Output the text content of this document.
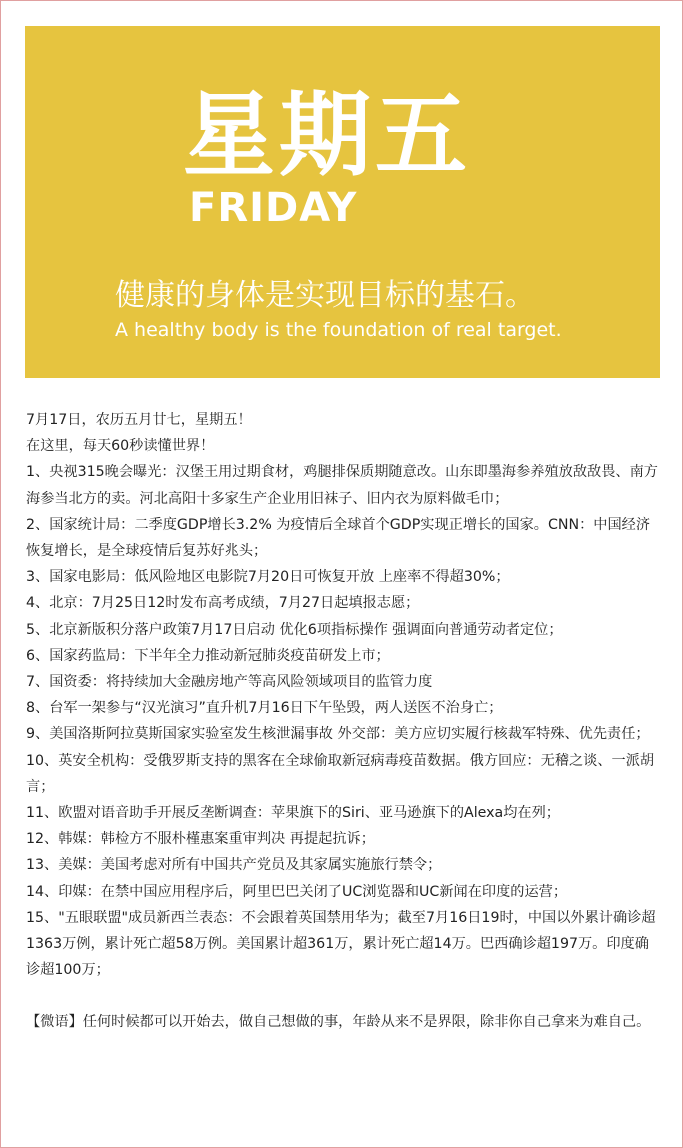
星期五
FRIDAY
健康的身体是实现目标的基石。
A healthy body is the foundation of real target.

7月17日，农历五月廿七，星期五！

在这里，每天60秒读懂世界！

1、央视315晚会曝光：汉堡王用过期食材，鸡腿排保质期随意改。山东即墨海参养殖放敌敌畏、南方海参当北方的卖。河北高阳十多家生产企业用旧袜子、旧内衣为原料做毛巾；

2、国家统计局：二季度GDP增长3.2% 为疫情后全球首个GDP实现正增长的国家。CNN：中国经济恢复增长，是全球疫情后复苏好兆头；

3、国家电影局：低风险地区电影院7月20日可恢复开放 上座率不得超30%；

4、北京：7月25日12时发布高考成绩，7月27日起填报志愿；

5、北京新版积分落户政策7月17日启动 优化6项指标操作 强调面向普通劳动者定位；

6、国家药监局：下半年全力推动新冠肺炎疫苗研发上市；

7、国资委：将持续加大金融房地产等高风险领域项目的监管力度

8、台军一架参与“汉光演习”直升机7月16日下午坠毁，两人送医不治身亡；

9、美国洛斯阿拉莫斯国家实验室发生核泄漏事故 外交部：美方应切实履行核裁军特殊、优先责任；

10、英安全机构：受俄罗斯支持的黑客在全球偷取新冠病毒疫苗数据。俄方回应：无稽之谈、一派胡言；

11、欧盟对语音助手开展反垄断调查：苹果旗下的Siri、亚马逊旗下的Alexa均在列；

12、韩媒：韩检方不服朴槿惠案重审判决 再提起抗诉；

13、美媒：美国考虑对所有中国共产党员及其家属实施旅行禁令；

14、印媒：在禁中国应用程序后，阿里巴巴关闭了UC浏览器和UC新闻在印度的运营；

15、"五眼联盟"成员新西兰表态：不会跟着英国禁用华为；截至7月16日19时，中国以外累计确诊超1363万例，累计死亡超58万例。美国累计超361万，累计死亡超14万。巴西确诊超197万。印度确诊超100万；

【微语】任何时候都可以开始去，做自己想做的事，年龄从来不是界限，除非你自己拿来为难自己。
